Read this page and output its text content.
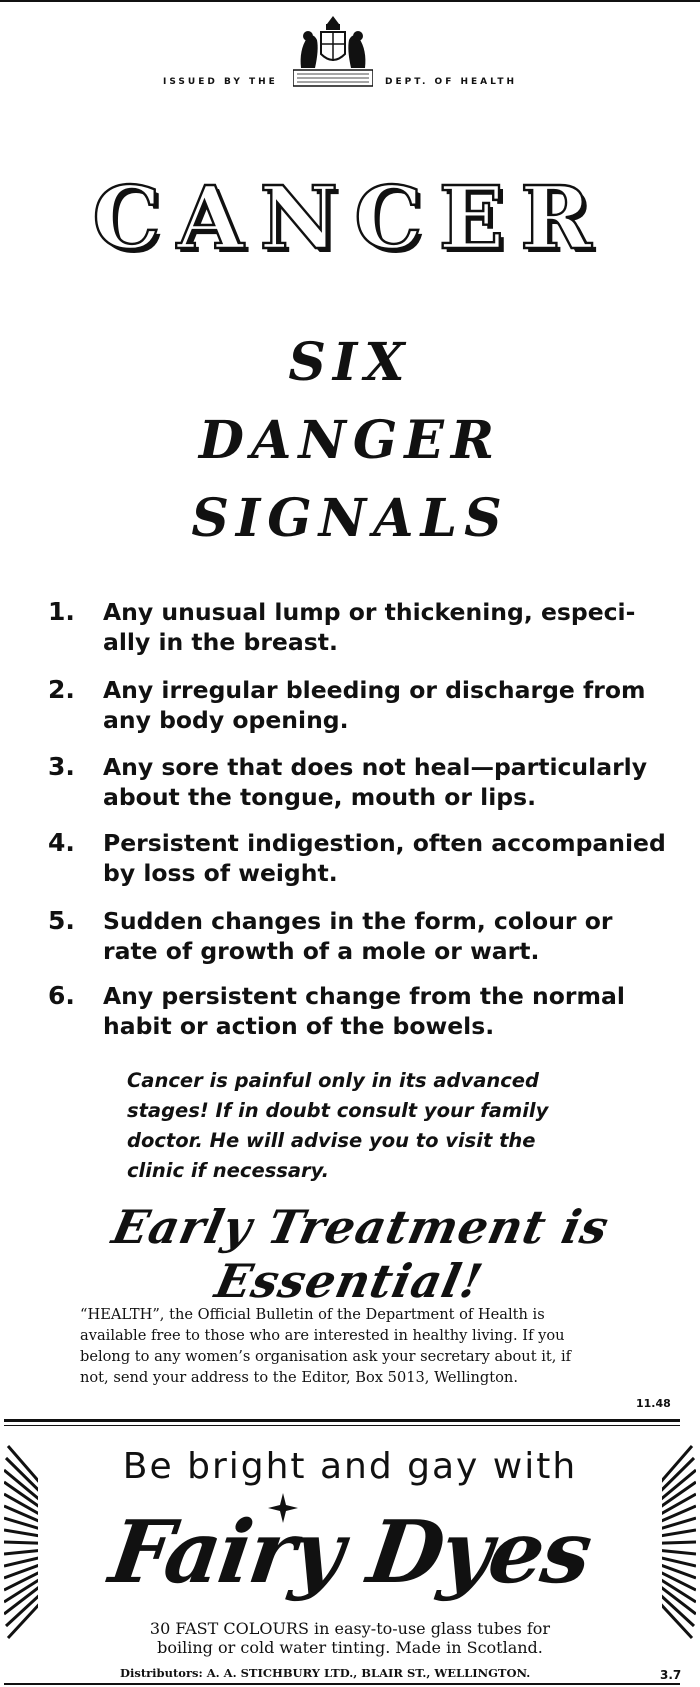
ISSUED BY THE	DEPT. OF HEALTH
CANCER
SIX
DANGER
SIGNALS
1. Any unusual lump or thickening, especi-
ally in the breast.
2. Any irregular bleeding or discharge from
any body opening.
3. Any sore that does not heal—particularly
about the tongue, mouth or lips.
4. Persistent indigestion, often accompanied
by loss of weight.
5. Sudden changes in the form, colour or
rate of growth of a mole or wart.
6. Any persistent change from the normal
habit or action of the bowels.
Cancer is painful only in its advanced
stages! If in doubt consult your family
doctor. He will advise you to visit the
clinic if necessary.
Early Treatment is Essential!
“HEALTH”, the Official Bulletin of the Department of Health is
available free to those who are interested in healthy living. If you
belong to any women’s organisation ask your secretary about it, if
not, send your address to the Editor, Box 5013, Wellington.
11.48
Be bright and gay with
Fairy Dyes
30 FAST COLOURS in easy-to-use glass tubes for
boiling or cold water tinting. Made in Scotland.
Distributors: A. A. STICHBURY LTD., BLAIR ST., WELLINGTON.	3.7
